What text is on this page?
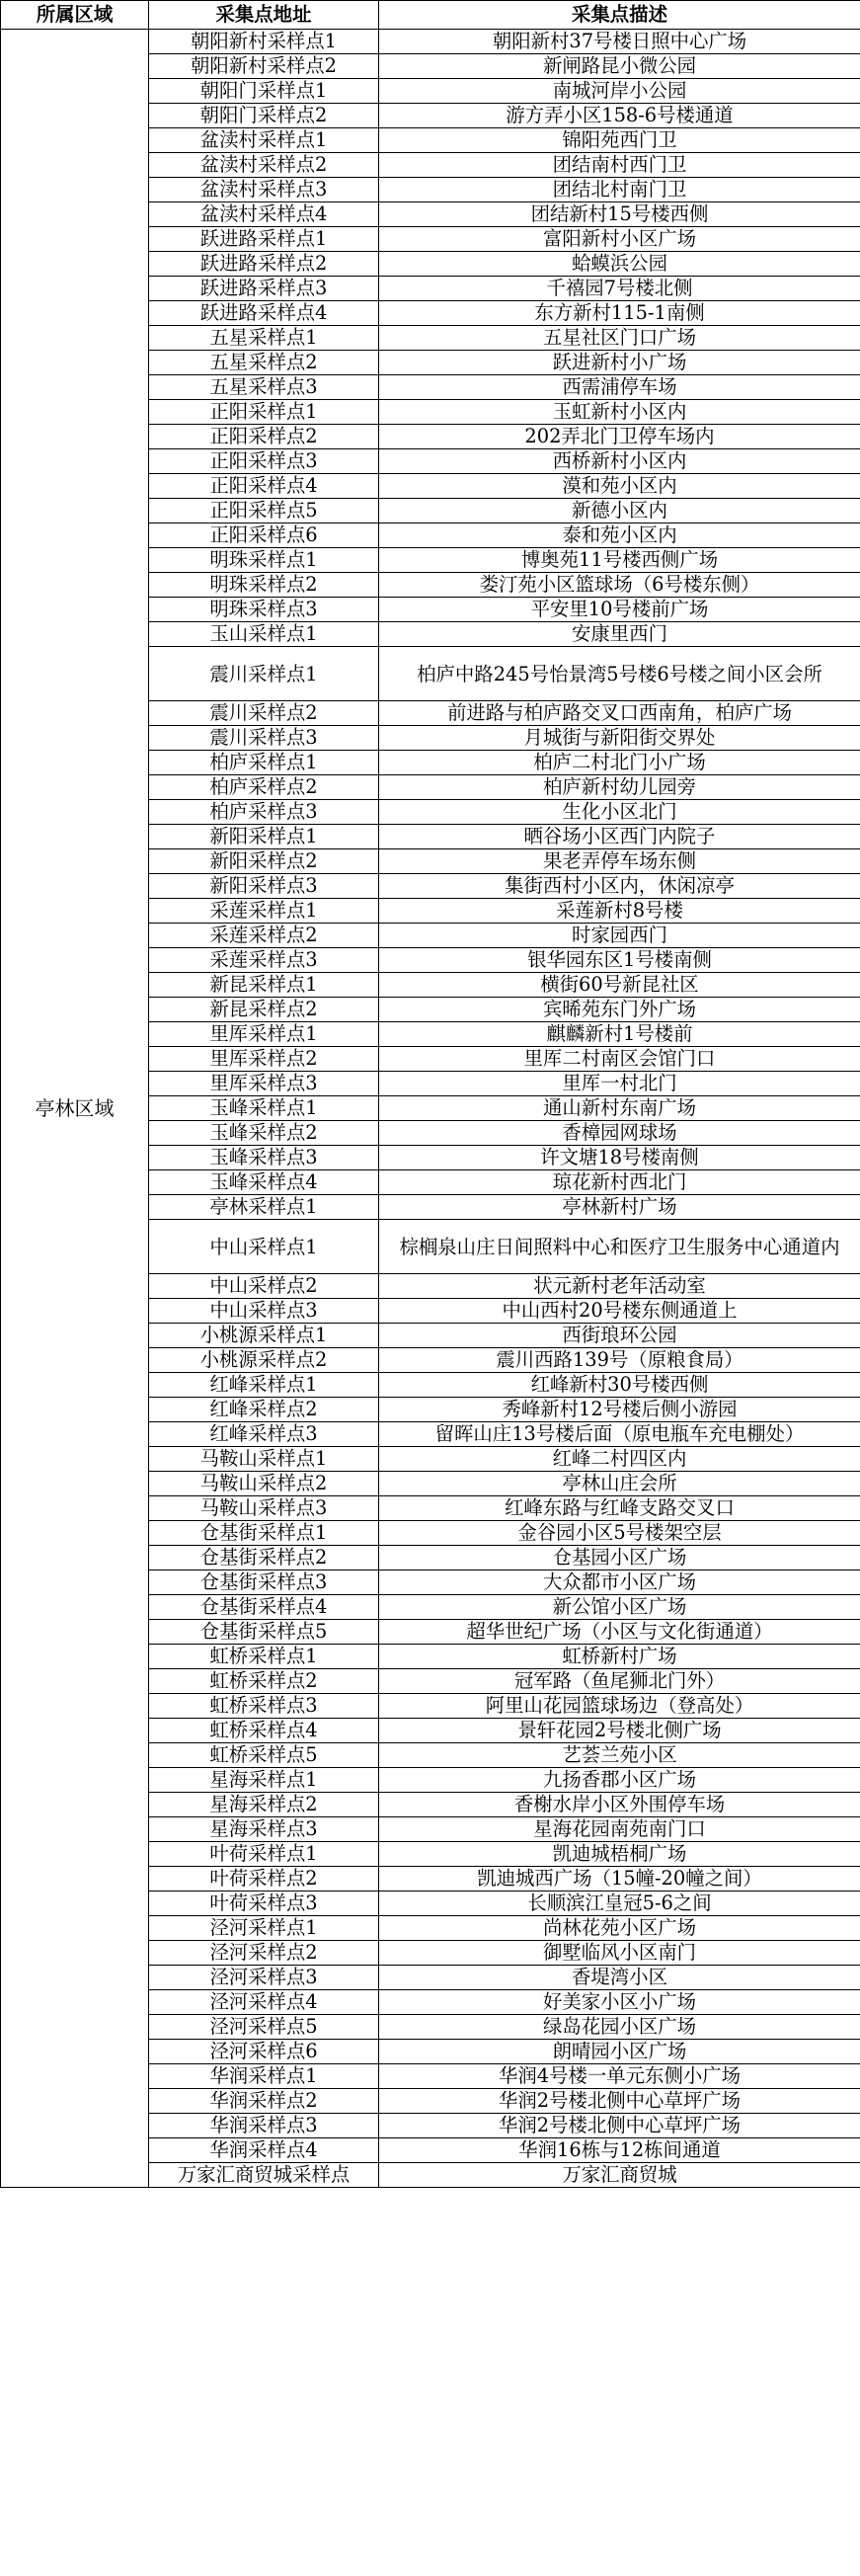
所属区域	采集点地址	采集点描述
亭林区域	朝阳新村采样点1	朝阳新村37号楼日照中心广场
	朝阳新村采样点2	新闸路昆小微公园
	朝阳门采样点1	南城河岸小公园
	朝阳门采样点2	游方弄小区158-6号楼通道
	盆渎村采样点1	锦阳苑西门卫
	盆渎村采样点2	团结南村西门卫
	盆渎村采样点3	团结北村南门卫
	盆渎村采样点4	团结新村15号楼西侧
	跃进路采样点1	富阳新村小区广场
	跃进路采样点2	蛤蟆浜公园
	跃进路采样点3	千禧园7号楼北侧
	跃进路采样点4	东方新村115-1南侧
	五星采样点1	五星社区门口广场
	五星采样点2	跃进新村小广场
	五星采样点3	西需浦停车场
	正阳采样点1	玉虹新村小区内
	正阳采样点2	202弄北门卫停车场内
	正阳采样点3	西桥新村小区内
	正阳采样点4	漠和苑小区内
	正阳采样点5	新德小区内
	正阳采样点6	泰和苑小区内
	明珠采样点1	博奥苑11号楼西侧广场
	明珠采样点2	娄汀苑小区篮球场（6号楼东侧）
	明珠采样点3	平安里10号楼前广场
	玉山采样点1	安康里西门
	震川采样点1	柏庐中路245号怡景湾5号楼6号楼之间小区会所
	震川采样点2	前进路与柏庐路交叉口西南角，柏庐广场
	震川采样点3	月城街与新阳街交界处
	柏庐采样点1	柏庐二村北门小广场
	柏庐采样点2	柏庐新村幼儿园旁
	柏庐采样点3	生化小区北门
	新阳采样点1	晒谷场小区西门内院子
	新阳采样点2	果老弄停车场东侧
	新阳采样点3	集街西村小区内，休闲凉亭
	采莲采样点1	采莲新村8号楼
	采莲采样点2	时家园西门
	采莲采样点3	银华园东区1号楼南侧
	新昆采样点1	横街60号新昆社区
	新昆采样点2	宾晞苑东门外广场
	里厍采样点1	麒麟新村1号楼前
	里厍采样点2	里厍二村南区会馆门口
	里厍采样点3	里厍一村北门
	玉峰采样点1	通山新村东南广场
	玉峰采样点2	香樟园网球场
	玉峰采样点3	许文塘18号楼南侧
	玉峰采样点4	琼花新村西北门
	亭林采样点1	亭林新村广场
	中山采样点1	棕榈泉山庄日间照料中心和医疗卫生服务中心通道内
	中山采样点2	状元新村老年活动室
	中山采样点3	中山西村20号楼东侧通道上
	小桃源采样点1	西街琅环公园
	小桃源采样点2	震川西路139号（原粮食局）
	红峰采样点1	红峰新村30号楼西侧
	红峰采样点2	秀峰新村12号楼后侧小游园
	红峰采样点3	留晖山庄13号楼后面（原电瓶车充电棚处）
	马鞍山采样点1	红峰二村四区内
	马鞍山采样点2	亭林山庄会所
	马鞍山采样点3	红峰东路与红峰支路交叉口
	仓基街采样点1	金谷园小区5号楼架空层
	仓基街采样点2	仓基园小区广场
	仓基街采样点3	大众都市小区广场
	仓基街采样点4	新公馆小区广场
	仓基街采样点5	超华世纪广场（小区与文化街通道）
	虹桥采样点1	虹桥新村广场
	虹桥采样点2	冠军路（鱼尾狮北门外）
	虹桥采样点3	阿里山花园篮球场边（登高处）
	虹桥采样点4	景轩花园2号楼北侧广场
	虹桥采样点5	艺荟兰苑小区
	星海采样点1	九扬香郡小区广场
	星海采样点2	香榭水岸小区外围停车场
	星海采样点3	星海花园南苑南门口
	叶荷采样点1	凯迪城梧桐广场
	叶荷采样点2	凯迪城西广场（15幢-20幢之间）
	叶荷采样点3	长顺滨江皇冠5-6之间
	泾河采样点1	尚林花苑小区广场
	泾河采样点2	御墅临风小区南门
	泾河采样点3	香堤湾小区
	泾河采样点4	好美家小区小广场
	泾河采样点5	绿岛花园小区广场
	泾河采样点6	朗晴园小区广场
	华润采样点1	华润4号楼一单元东侧小广场
	华润采样点2	华润2号楼北侧中心草坪广场
	华润采样点3	华润2号楼北侧中心草坪广场
	华润采样点4	华润16栋与12栋间通道
	万家汇商贸城采样点	万家汇商贸城
